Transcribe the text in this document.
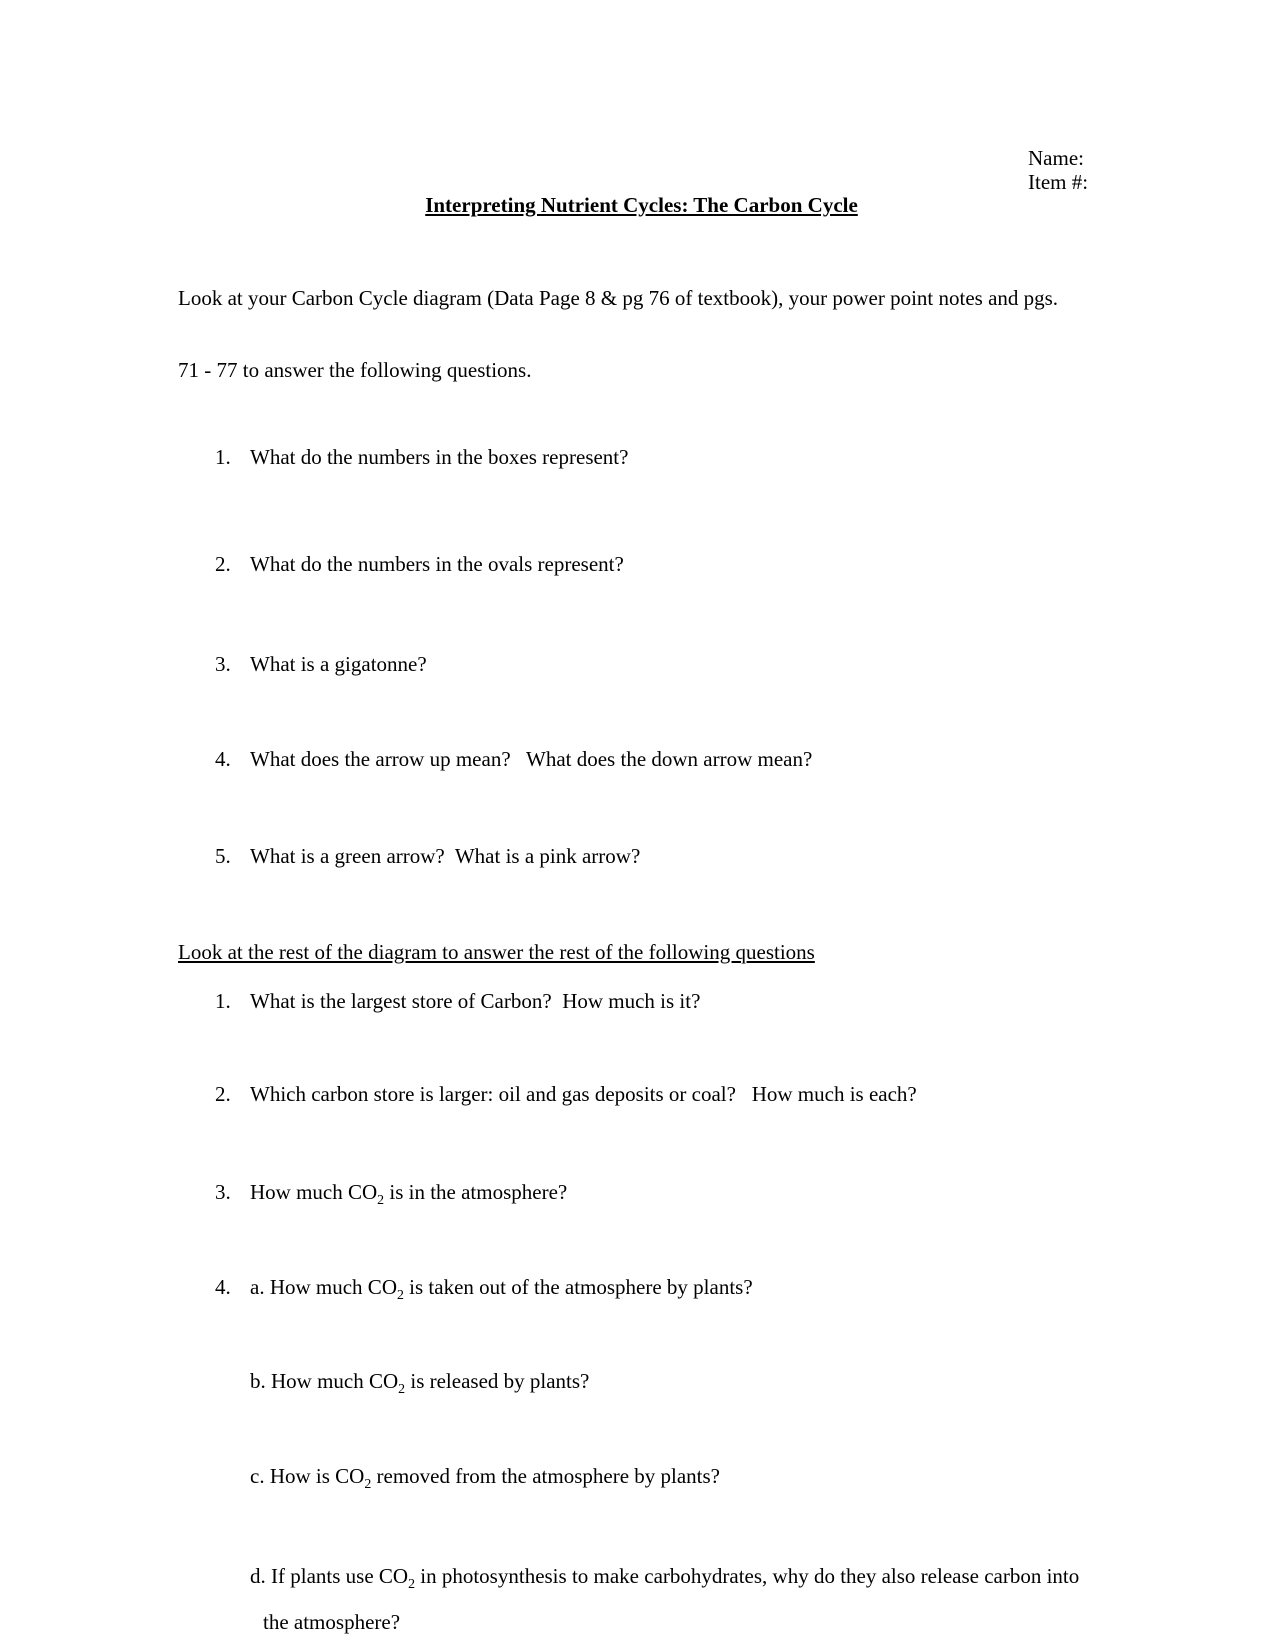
Name:
Item #:
Interpreting Nutrient Cycles: The Carbon Cycle

Look at your Carbon Cycle diagram (Data Page 8 & pg 76 of textbook), your power point notes and pgs.

71 - 77 to answer the following questions.

1. What do the numbers in the boxes represent?
2. What do the numbers in the ovals represent?
3. What is a gigatonne?
4. What does the arrow up mean?   What does the down arrow mean?
5. What is a green arrow?  What is a pink arrow?
Look at the rest of the diagram to answer the rest of the following questions
1. What is the largest store of Carbon?  How much is it?
2. Which carbon store is larger: oil and gas deposits or coal?   How much is each?
3. How much $CO_2$ is in the atmosphere?
4. a. How much $CO_2$ is taken out of the atmosphere by plants?
b. How much $CO_2$ is released by plants?
c. How is $CO_2$ removed from the atmosphere by plants?
d. If plants use $CO_2$ in photosynthesis to make carbohydrates, why do they also release carbon into
the atmosphere?
